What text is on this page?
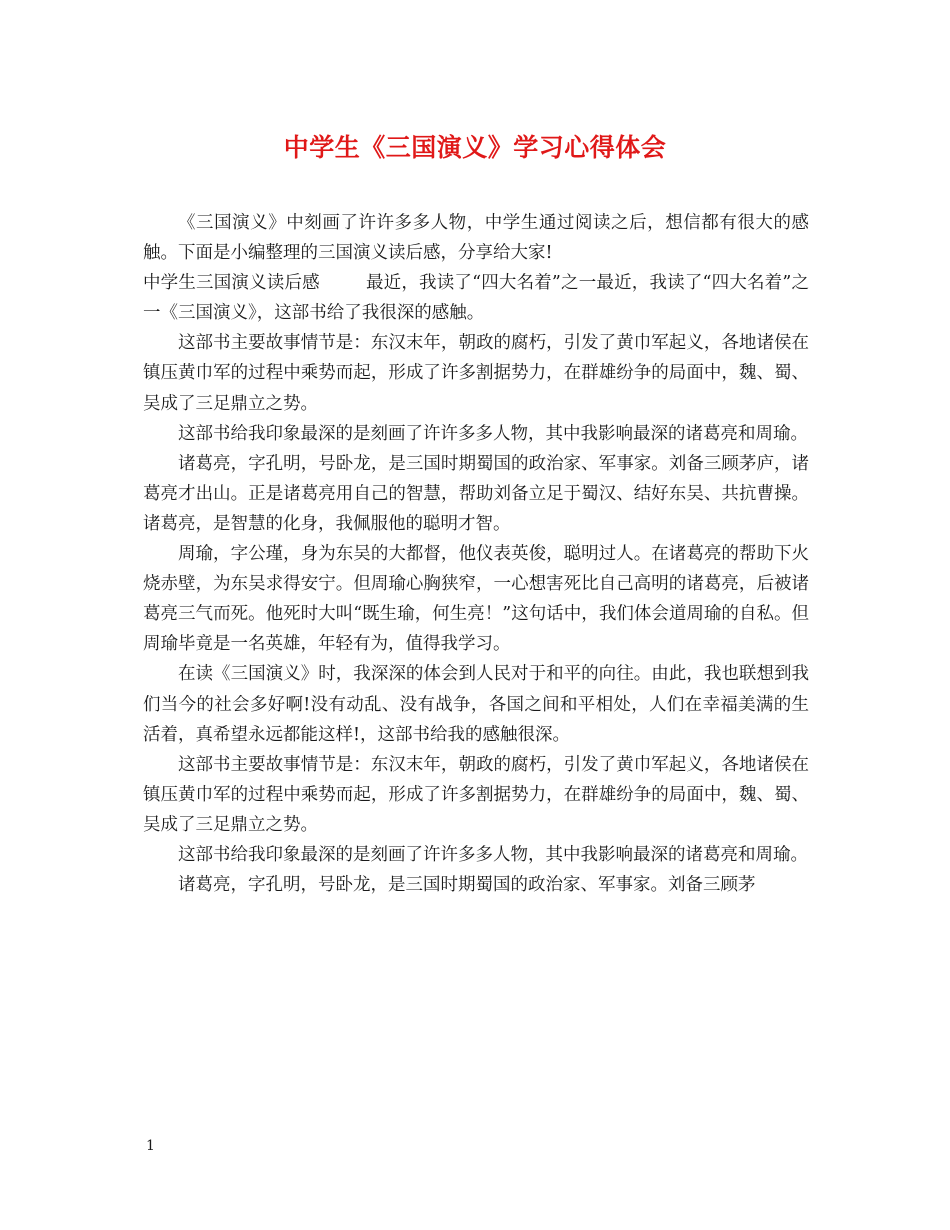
中学生《三国演义》学习心得体会

《三国演义》中刻画了许许多多人物，中学生通过阅读之后，想信都有很大的感触。下面是小编整理的三国演义读后感，分享给大家!

中学生三国演义读后感	最近，我读了“四大名着”之一最近，我读了“四大名着”之一《三国演义》，这部书给了我很深的感触。

这部书主要故事情节是：东汉末年，朝政的腐朽，引发了黄巾军起义，各地诸侯在镇压黄巾军的过程中乘势而起，形成了许多割据势力，在群雄纷争的局面中，魏、蜀、吴成了三足鼎立之势。

这部书给我印象最深的是刻画了许许多多人物，其中我影响最深的诸葛亮和周瑜。

诸葛亮，字孔明，号卧龙，是三国时期蜀国的政治家、军事家。刘备三顾茅庐，诸葛亮才出山。正是诸葛亮用自己的智慧，帮助刘备立足于蜀汉、结好东吴、共抗曹操。诸葛亮，是智慧的化身，我佩服他的聪明才智。

周瑜，字公瑾，身为东吴的大都督，他仪表英俊，聪明过人。在诸葛亮的帮助下火烧赤壁，为东吴求得安宁。但周瑜心胸狭窄，一心想害死比自己高明的诸葛亮，后被诸葛亮三气而死。他死时大叫“既生瑜，何生亮！”这句话中，我们体会道周瑜的自私。但周瑜毕竟是一名英雄，年轻有为，值得我学习。

在读《三国演义》时，我深深的体会到人民对于和平的向往。由此，我也联想到我们当今的社会多好啊!没有动乱、没有战争，各国之间和平相处，人们在幸福美满的生活着，真希望永远都能这样!，这部书给我的感触很深。

这部书主要故事情节是：东汉末年，朝政的腐朽，引发了黄巾军起义，各地诸侯在镇压黄巾军的过程中乘势而起，形成了许多割据势力，在群雄纷争的局面中，魏、蜀、吴成了三足鼎立之势。

这部书给我印象最深的是刻画了许许多多人物，其中我影响最深的诸葛亮和周瑜。

诸葛亮，字孔明，号卧龙，是三国时期蜀国的政治家、军事家。刘备三顾茅

1
